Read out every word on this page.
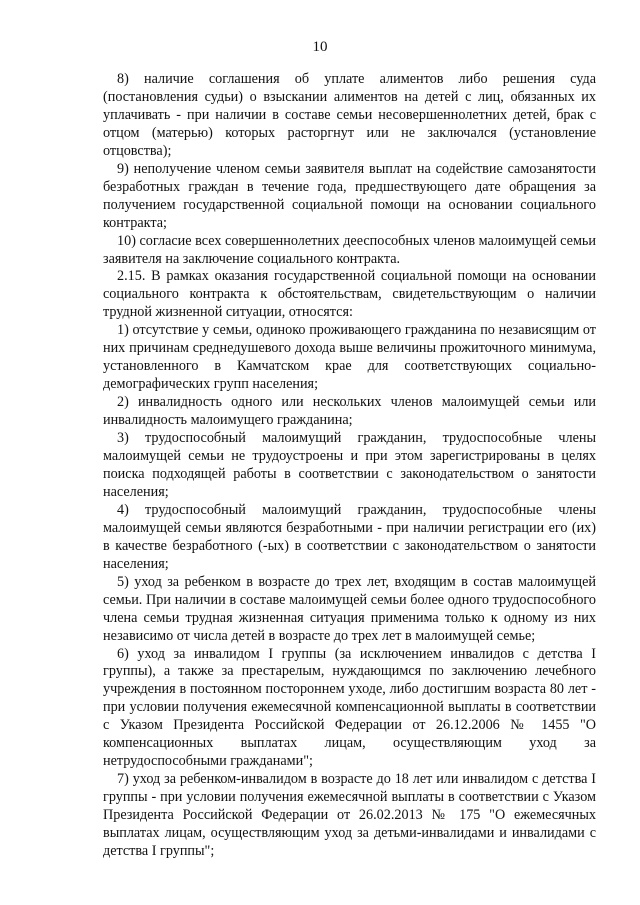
10

8) наличие соглашения об уплате алиментов либо решения суда (постановления судьи) о взыскании алиментов на детей с лиц, обязанных их уплачивать - при наличии в составе семьи несовершеннолетних детей, брак с отцом (матерью) которых расторгнут или не заключался (установление отцовства);

9) неполучение членом семьи заявителя выплат на содействие самозанятости безработных граждан в течение года, предшествующего дате обращения за получением государственной социальной помощи на основании социального контракта;

10) согласие всех совершеннолетних дееспособных членов малоимущей семьи заявителя на заключение социального контракта.

2.15. В рамках оказания государственной социальной помощи на основании социального контракта к обстоятельствам, свидетельствующим о наличии трудной жизненной ситуации, относятся:

1) отсутствие у семьи, одиноко проживающего гражданина по независящим от них причинам среднедушевого дохода выше величины прожиточного минимума, установленного в Камчатском крае для соответствующих социально-демографических групп населения;

2) инвалидность одного или нескольких членов малоимущей семьи или инвалидность малоимущего гражданина;

3) трудоспособный малоимущий гражданин, трудоспособные члены малоимущей семьи не трудоустроены и при этом зарегистрированы в целях поиска подходящей работы в соответствии с законодательством о занятости населения;

4) трудоспособный малоимущий гражданин, трудоспособные члены малоимущей семьи являются безработными - при наличии регистрации его (их) в качестве безработного (-ых) в соответствии с законодательством о занятости населения;

5) уход за ребенком в возрасте до трех лет, входящим в состав малоимущей семьи. При наличии в составе малоимущей семьи более одного трудоспособного члена семьи трудная жизненная ситуация применима только к одному из них независимо от числа детей в возрасте до трех лет в малоимущей семье;

6) уход за инвалидом I группы (за исключением инвалидов с детства I группы), а также за престарелым, нуждающимся по заключению лечебного учреждения в постоянном постороннем уходе, либо достигшим возраста 80 лет - при условии получения ежемесячной компенсационной выплаты в соответствии с Указом Президента Российской Федерации от 26.12.2006 № 1455 "О компенсационных выплатах лицам, осуществляющим уход за нетрудоспособными гражданами";

7) уход за ребенком-инвалидом в возрасте до 18 лет или инвалидом с детства I группы - при условии получения ежемесячной выплаты в соответствии с Указом Президента Российской Федерации от 26.02.2013 № 175 "О ежемесячных выплатах лицам, осуществляющим уход за детьми-инвалидами и инвалидами с детства I группы";
